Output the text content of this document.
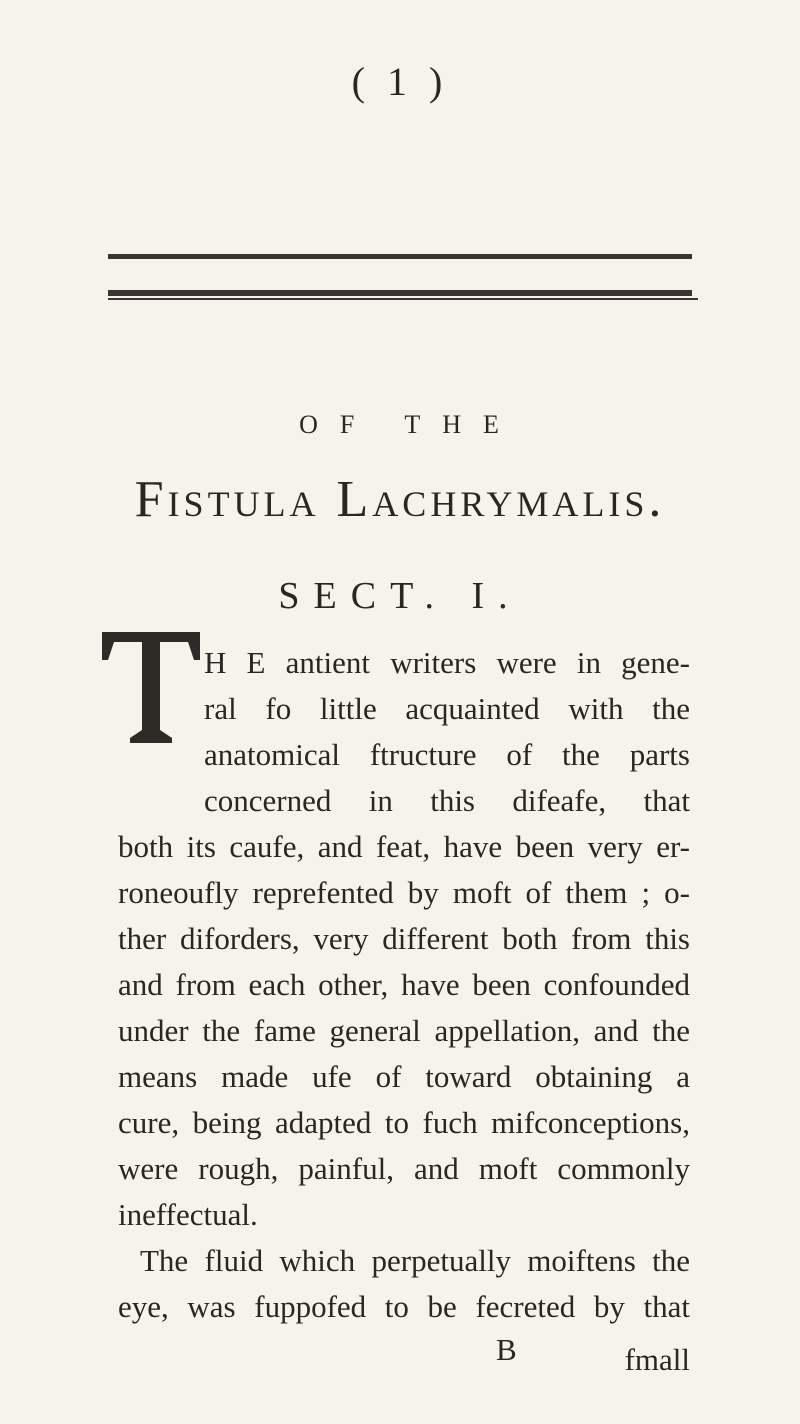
( 1 )
OF THE
Fistula Lachrymalis.
SECT. I.
T
H E antient writers were in gene-
ral fo little acquainted with the
anatomical ftructure of the parts
concerned in this difeafe, that
both its caufe, and feat, have been very er-
roneoufly reprefented by moft of them ; o-
ther diforders, very different both from this
and from each other, have been confounded
under the fame general appellation, and the
means made ufe of toward obtaining a
cure, being adapted to fuch mifconceptions,
were rough, painful, and moft commonly
ineffectual.
The fluid which perpetually moiftens the
eye, was fuppofed to be fecreted by that
B	fmall
